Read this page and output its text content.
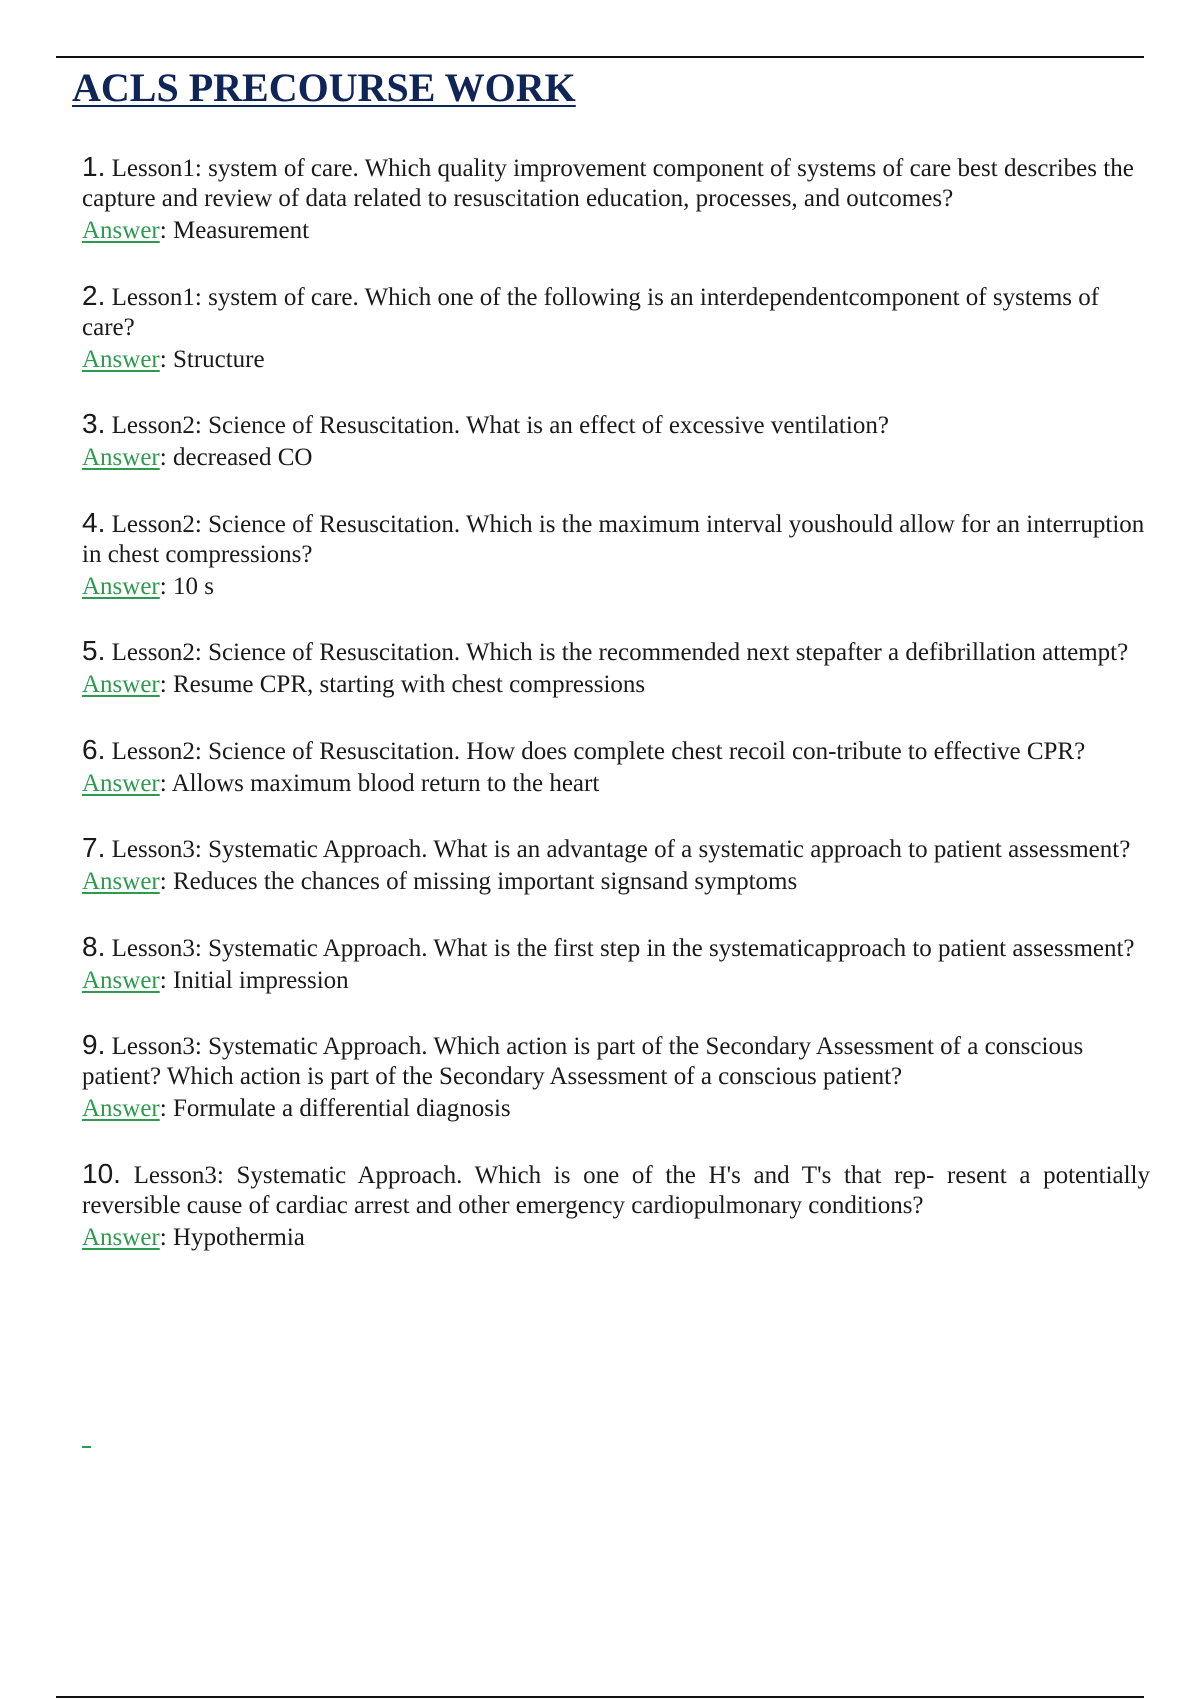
ACLS PRECOURSE WORK

1. Lesson1: system of care. Which quality improvement component of systems of care best describes the capture and review of data related to resuscitation education, processes, and outcomes?

Answer: Measurement

2. Lesson1: system of care. Which one of the following is an interdependentcomponent of systems of care?

Answer: Structure

3. Lesson2: Science of Resuscitation. What is an effect of excessive ventilation?

Answer: decreased CO

4. Lesson2: Science of Resuscitation. Which is the maximum interval youshould allow for an interruption in chest compressions?

Answer: 10 s

5. Lesson2: Science of Resuscitation. Which is the recommended next stepafter a defibrillation attempt?

Answer: Resume CPR, starting with chest compressions

6. Lesson2: Science of Resuscitation. How does complete chest recoil con-tribute to effective CPR?

Answer: Allows maximum blood return to the heart

7. Lesson3: Systematic Approach. What is an advantage of a systematic approach to patient assessment?

Answer: Reduces the chances of missing important signsand symptoms

8. Lesson3: Systematic Approach. What is the first step in the systematicapproach to patient assessment?

Answer: Initial impression

9. Lesson3: Systematic Approach. Which action is part of the Secondary Assessment of a conscious patient? Which action is part of the Secondary Assessment of a conscious patient?

Answer: Formulate a differential diagnosis

10. Lesson3: Systematic Approach. Which is one of the H's and T's that rep- resent a potentially reversible cause of cardiac arrest and other emergency cardiopulmonary conditions?

Answer: Hypothermia
